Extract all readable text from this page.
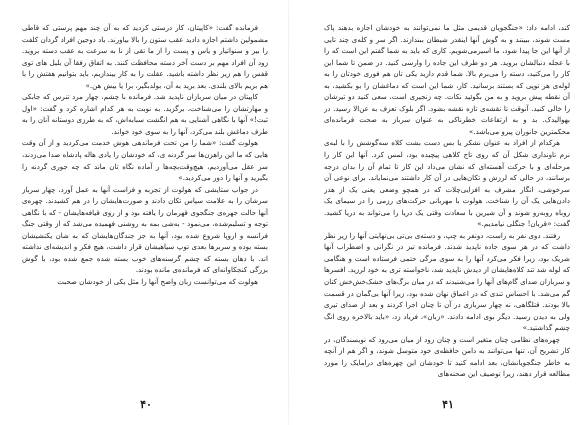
فرمانده گفت: «کاپیتان، کار درستی کردید که به آن چند مهم پرستی که قاطی مشمولین داشتم اجازه دادید عقب ستون را بالا بیاورند. یاد دوجین افراد گردان کلفت را بیر و سنواتیار و یاس و پست را از ما تقی از نا به سرعت به عقب دسته بروید. زود آن افراد مهم بر دست آخر دسته محافظت کنند. به اتفاق رفقا آن بلیل های توی قفس را هم زیر نظر داشته باشید. عقلت را به کار بیندازیم، باید بتوانیم هفتش را با هم بریم بالای بلندی. بعد برید به آن، بولدبگیر، برا یا بیش هن.»

کاپیتان در میان سربازان ناپدید شد. فرمانده با چشم، چهار مرد تنرس که جابکی و مهارتشان را می‌شناخت، برگزید. به نوبت به هر کدام اشاره کرد و گفت: «اول ثبت!» آنها با نگاهی آشنایی به هم انگشت سبابه‌اش، که به طرزی دوستانه آنان را به طرف دماغش بلند می‌کرد، آنها را به سوی خود خواند.

هولوت گفت: «شما را من تحت فرماندهی هوش خدمت می‌کردید و از آن وقت هایی که ما این راهزن‌ها سر گردنه ی، که خودشان را یادی هاله پادشاه صدا می‌زدند، سر عقل می‌آوردیم، هیچ‌وقت‌بچه‌ها ر آماده نگاه تان ماند که چه جوری گردنه را بگیرید و آنها را دور می‌کردید.»

در جواب ستایشی که هولوت از تجربه و فراست آنها به عمل آورد، چهار سرباز سرشان را به علامت سپاس تکان دادند و صورت‌هایشان را در هم کشیدند. چهره‌ی آنها حالت جهره‌ی جنگجوی قهرمان را یافته بود و از روی قیافه‌هایشان - که با نگاهی توجه و تسلیم‌شده، می‌نمود - به‌شی بمه به روشنی فهمیده می‌شد که از وقتی جنگ فرانسه و اروپا شروع شده بود، آنها به جز جندگان‌هایشان که به شان یکنشیشان بسته بوده و سربرها بعدی توپ سیا‌هیشان قرار داشت، هیچ فکر و اندیشه‌ای نداشته اند. با دهان بسته که چشم گرسنه‌های خوب بسته شده جمع شده بود، با گوش بزرگی کنجکاوانه‌ای که فرمانده‌ی مانده بودند.

هولوت که می‌توانست زبان واضح آنها را مثل یکی از خودشان صحبت

کند، ادامه داد: «جنگجویان قدیمی مثل ما نمی‌توانند به خودشان اجازه بدهند پاک مست شوند، ببینند و به گوش آنها اینقدر شیطان ببندازند. اگر سر و کله‌ی چند تایی از آنها این جا پیدا شود، ما اسیرمی‌شویم. کاری که باید به شما گفتم این است که را با عجله دنبالشان بروید. هر دو طرف این جاده را وارسی کنید. در ضمن تا شما این کار را می‌کنید، دسته را می‌برم بالا. شما قدم دارید یکی تان هم فوری خودتان را به لوله‌ی هر توپی که بستند برسانید. کار، شما این است که دماغشان را بو بکشید، به آن نقطه پیش بروید و به من بگوئید نکات. چه زنجیری است، سعی کنید دو تیرشان را خالی کنید. آنوقت تا نقشه‌ی تازه نقشه بشود. اگر بلوک تعرف به عن‌الا رسید. در بهوالیدک. بد و به ارتفاعات خطرناکی به عنوان سرباز به صحت فرمانده‌ای محکمترین جانوران پیرو می‌باشد.»

هرکدام از افراد به عنوان نشکر یا بس دست بشت کلاه سه‌گوشش را با لبه‌ی نرم تاونداری شکل آن که روی تاج کلاهی پیچیده بود، لمس کرد. آنها این کار را مرحله‌ای و با حرکت آهسته‌ای که نشان می‌داد این کار تا تمام آن را بدان درجه برسانند، در حالی که لرزش و تکان‌هایی در آن کار داشتند می‌نمایاند. برای نوعی آن سرخوشی، انگار مشرف به افزایی‌چلات که در همچو وضعی یعنی یک از هدر دادن‌‌هایی یک آن را شناخت. هولوت با مهربانی حرکت‌های رزمی را در سیمای یک روباه روبه‌رو شوند و آن شیرین با سعادت وقتی یک دریا را می‌تواند به دریا کشید. گفت: «قربان! جنگلی نیامدیم.»

رفتند. دوی نفر به راست، دونفر به چپ، و دسته‌ی بی‌تی بی‌نهایتی آنها را زیر نظر داشت که در هر سوی جاده ناپدید شدند. فرمانده تیز در نگرانی و اضطراب آنها شریک بود، زیرا فکر می‌کرد آنها را به سوی مرگی حتمی فرستاده است و هنگامی که لوله شد تند کلاه‌هایشان از دیدش ناپدید شد، ناخواسته تری به خود لرزید. افسرها و سربازان صدای گام‌های آنها را می‌شنیدند که در میان برگ‌های خشک‌خش‌خش کنان گم می‌شد. با احساس تندی که در اعماق نهان شده بود، زیرا آنها بی‌گمان در قسمت بالا بودند. قتلگاهی، نه چهار سربازی در آن تا چنان اجرا کردند و بعد از صدای تیری ولی به دیدن رسید. دیگر بوی ادامه دادند. «زبان»، فریاد زد، «باید بالاخره روی انگ چشم گذاشتید.»

چهره‌های نظامی چنان متغیر است و چنان زود از میان می‌رود که نویسندگان، در کار تشریح آن، تنها می‌توانند به دامن حافظه‌ی خود متوسل شوند، و اگر هم از آنچه به خاطر جنگجویانشان، بعد ادامه کنید تا خودشان این چهره‌های درامایک را مورد مطالعه قرار دهند، زیرا توصیف این صحنه‌های

۴۰	۴۱
